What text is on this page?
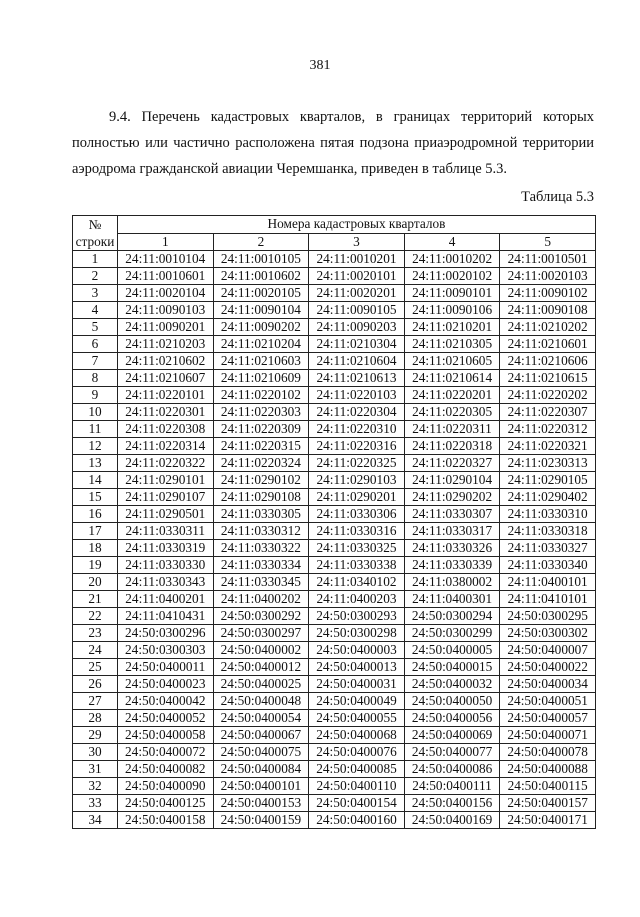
381

9.4. Перечень кадастровых кварталов, в границах территорий которых полностью или частично расположена пятая подзона приаэродромной территории аэродрома гражданской авиации Черемшанка, приведен в таблице 5.3.

Таблица 5.3
№
строки	Номера кадастровых кварталов				
	1	2	3	4	5
1	24:11:0010104	24:11:0010105	24:11:0010201	24:11:0010202	24:11:0010501
2	24:11:0010601	24:11:0010602	24:11:0020101	24:11:0020102	24:11:0020103
3	24:11:0020104	24:11:0020105	24:11:0020201	24:11:0090101	24:11:0090102
4	24:11:0090103	24:11:0090104	24:11:0090105	24:11:0090106	24:11:0090108
5	24:11:0090201	24:11:0090202	24:11:0090203	24:11:0210201	24:11:0210202
6	24:11:0210203	24:11:0210204	24:11:0210304	24:11:0210305	24:11:0210601
7	24:11:0210602	24:11:0210603	24:11:0210604	24:11:0210605	24:11:0210606
8	24:11:0210607	24:11:0210609	24:11:0210613	24:11:0210614	24:11:0210615
9	24:11:0220101	24:11:0220102	24:11:0220103	24:11:0220201	24:11:0220202
10	24:11:0220301	24:11:0220303	24:11:0220304	24:11:0220305	24:11:0220307
11	24:11:0220308	24:11:0220309	24:11:0220310	24:11:0220311	24:11:0220312
12	24:11:0220314	24:11:0220315	24:11:0220316	24:11:0220318	24:11:0220321
13	24:11:0220322	24:11:0220324	24:11:0220325	24:11:0220327	24:11:0230313
14	24:11:0290101	24:11:0290102	24:11:0290103	24:11:0290104	24:11:0290105
15	24:11:0290107	24:11:0290108	24:11:0290201	24:11:0290202	24:11:0290402
16	24:11:0290501	24:11:0330305	24:11:0330306	24:11:0330307	24:11:0330310
17	24:11:0330311	24:11:0330312	24:11:0330316	24:11:0330317	24:11:0330318
18	24:11:0330319	24:11:0330322	24:11:0330325	24:11:0330326	24:11:0330327
19	24:11:0330330	24:11:0330334	24:11:0330338	24:11:0330339	24:11:0330340
20	24:11:0330343	24:11:0330345	24:11:0340102	24:11:0380002	24:11:0400101
21	24:11:0400201	24:11:0400202	24:11:0400203	24:11:0400301	24:11:0410101
22	24:11:0410431	24:50:0300292	24:50:0300293	24:50:0300294	24:50:0300295
23	24:50:0300296	24:50:0300297	24:50:0300298	24:50:0300299	24:50:0300302
24	24:50:0300303	24:50:0400002	24:50:0400003	24:50:0400005	24:50:0400007
25	24:50:0400011	24:50:0400012	24:50:0400013	24:50:0400015	24:50:0400022
26	24:50:0400023	24:50:0400025	24:50:0400031	24:50:0400032	24:50:0400034
27	24:50:0400042	24:50:0400048	24:50:0400049	24:50:0400050	24:50:0400051
28	24:50:0400052	24:50:0400054	24:50:0400055	24:50:0400056	24:50:0400057
29	24:50:0400058	24:50:0400067	24:50:0400068	24:50:0400069	24:50:0400071
30	24:50:0400072	24:50:0400075	24:50:0400076	24:50:0400077	24:50:0400078
31	24:50:0400082	24:50:0400084	24:50:0400085	24:50:0400086	24:50:0400088
32	24:50:0400090	24:50:0400101	24:50:0400110	24:50:0400111	24:50:0400115
33	24:50:0400125	24:50:0400153	24:50:0400154	24:50:0400156	24:50:0400157
34	24:50:0400158	24:50:0400159	24:50:0400160	24:50:0400169	24:50:0400171
